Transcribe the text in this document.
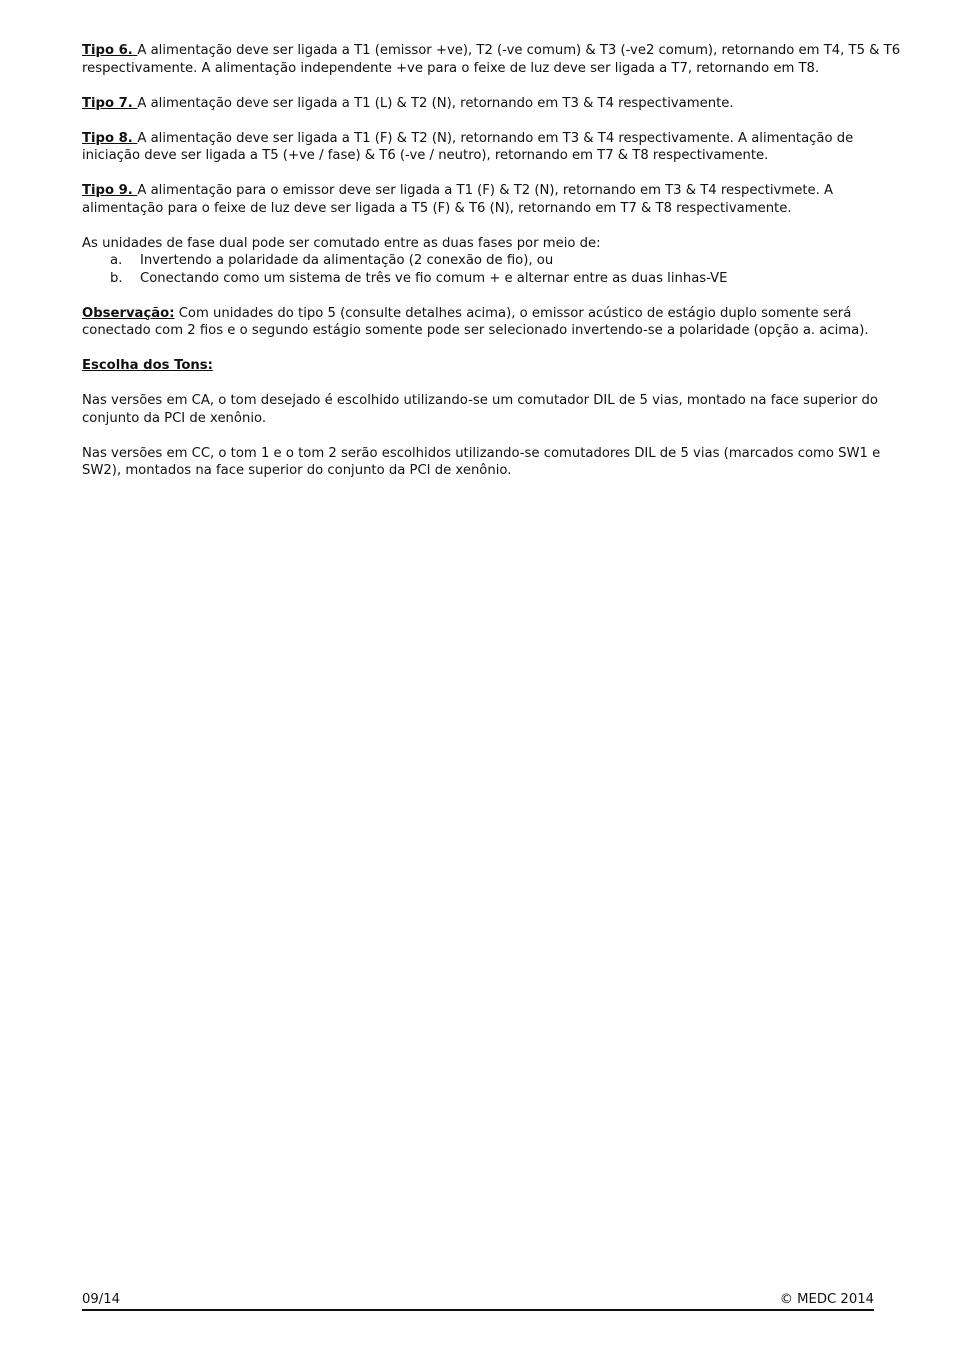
Tipo 6. A alimentação deve ser ligada a T1 (emissor +ve), T2 (-ve comum) & T3 (-ve2 comum), retornando em T4, T5 & T6 respectivamente. A alimentação independente +ve para o feixe de luz deve ser ligada a T7, retornando em T8.

Tipo 7. A alimentação deve ser ligada a T1 (L) & T2 (N), retornando em T3 & T4 respectivamente.

Tipo 8. A alimentação deve ser ligada a T1 (F) & T2 (N), retornando em T3 & T4 respectivamente. A alimentação de iniciação deve ser ligada a T5 (+ve / fase) & T6 (-ve / neutro), retornando em T7 & T8 respectivamente.

Tipo 9. A alimentação para o emissor deve ser ligada a T1 (F) & T2 (N), retornando em T3 & T4 respectivmete. A alimentação para o feixe de luz deve ser ligada a T5 (F) & T6 (N), retornando em T7 & T8 respectivamente.

As unidades de fase dual pode ser comutado entre as duas fases por meio de:

a. Invertendo a polaridade da alimentação (2 conexão de fio), ou
b. Conectando como um sistema de três ve fio comum + e alternar entre as duas linhas-VE

Observação: Com unidades do tipo 5 (consulte detalhes acima), o emissor acústico de estágio duplo somente será conectado com 2 fios e o segundo estágio somente pode ser selecionado invertendo-se a polaridade (opção a. acima).

Escolha dos Tons:

Nas versões em CA, o tom desejado é escolhido utilizando-se um comutador DIL de 5 vias, montado na face superior do conjunto da PCI de xenônio.

Nas versões em CC, o tom 1 e o tom 2 serão escolhidos utilizando-se comutadores DIL de 5 vias (marcados como SW1 e SW2), montados na face superior do conjunto da PCI de xenônio.

09/14	© MEDC 2014
